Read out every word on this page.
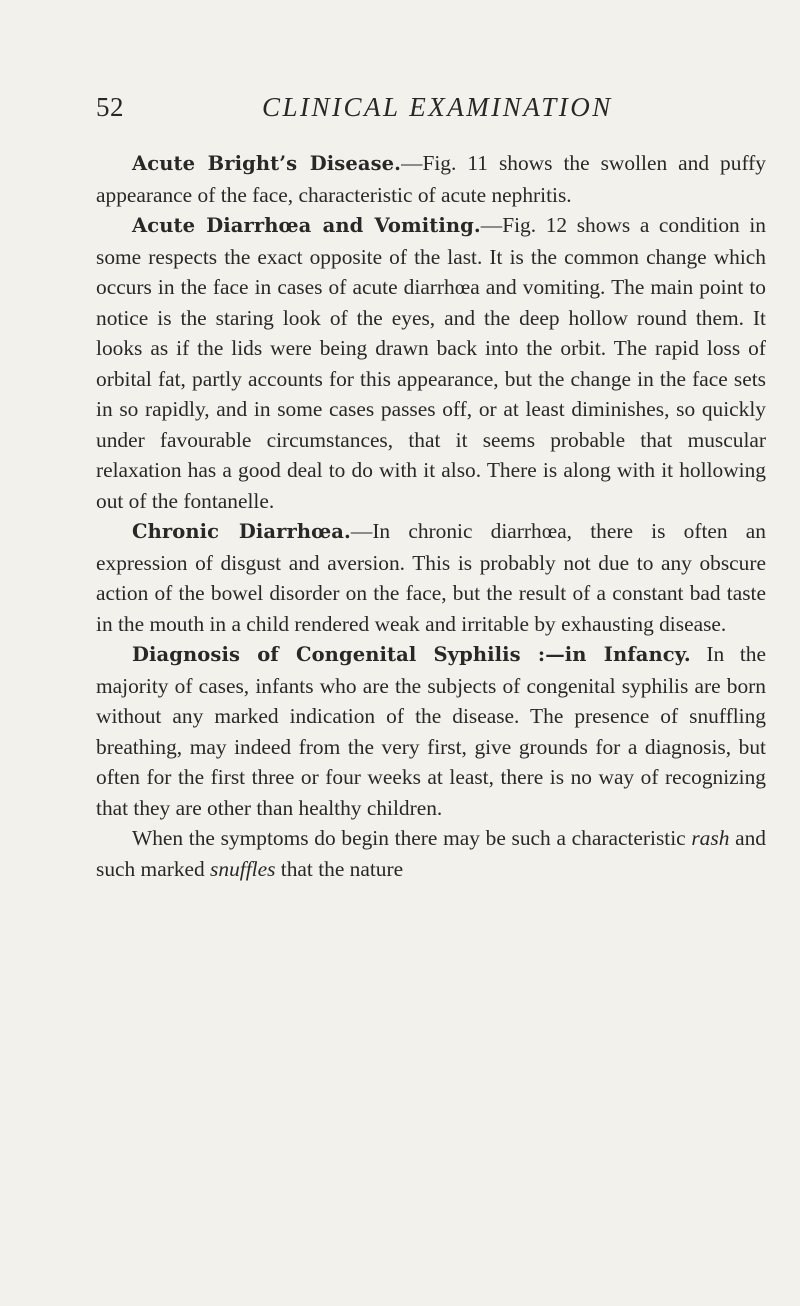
52	CLINICAL EXAMINATION

Acute Bright’s Disease.—Fig. 11 shows the swollen and puffy appearance of the face, characteristic of acute nephritis.

Acute Diarrhœa and Vomiting.—Fig. 12 shows a condition in some respects the exact opposite of the last. It is the common change which occurs in the face in cases of acute diarrhœa and vomiting. The main point to notice is the staring look of the eyes, and the deep hollow round them. It looks as if the lids were being drawn back into the orbit. The rapid loss of orbital fat, partly accounts for this appearance, but the change in the face sets in so rapidly, and in some cases passes off, or at least diminishes, so quickly under favourable circumstances, that it seems probable that muscular relaxation has a good deal to do with it also. There is along with it hollowing out of the fontanelle.

Chronic Diarrhœa.—In chronic diarrhœa, there is often an expression of disgust and aversion. This is probably not due to any obscure action of the bowel disorder on the face, but the result of a constant bad taste in the mouth in a child rendered weak and irritable by exhausting disease.

Diagnosis of Congenital Syphilis :—in Infancy. In the majority of cases, infants who are the subjects of congenital syphilis are born without any marked indication of the disease. The presence of snuffling breathing, may indeed from the very first, give grounds for a diagnosis, but often for the first three or four weeks at least, there is no way of recognizing that they are other than healthy children.

When the symptoms do begin there may be such a characteristic rash and such marked snuffles that the nature
